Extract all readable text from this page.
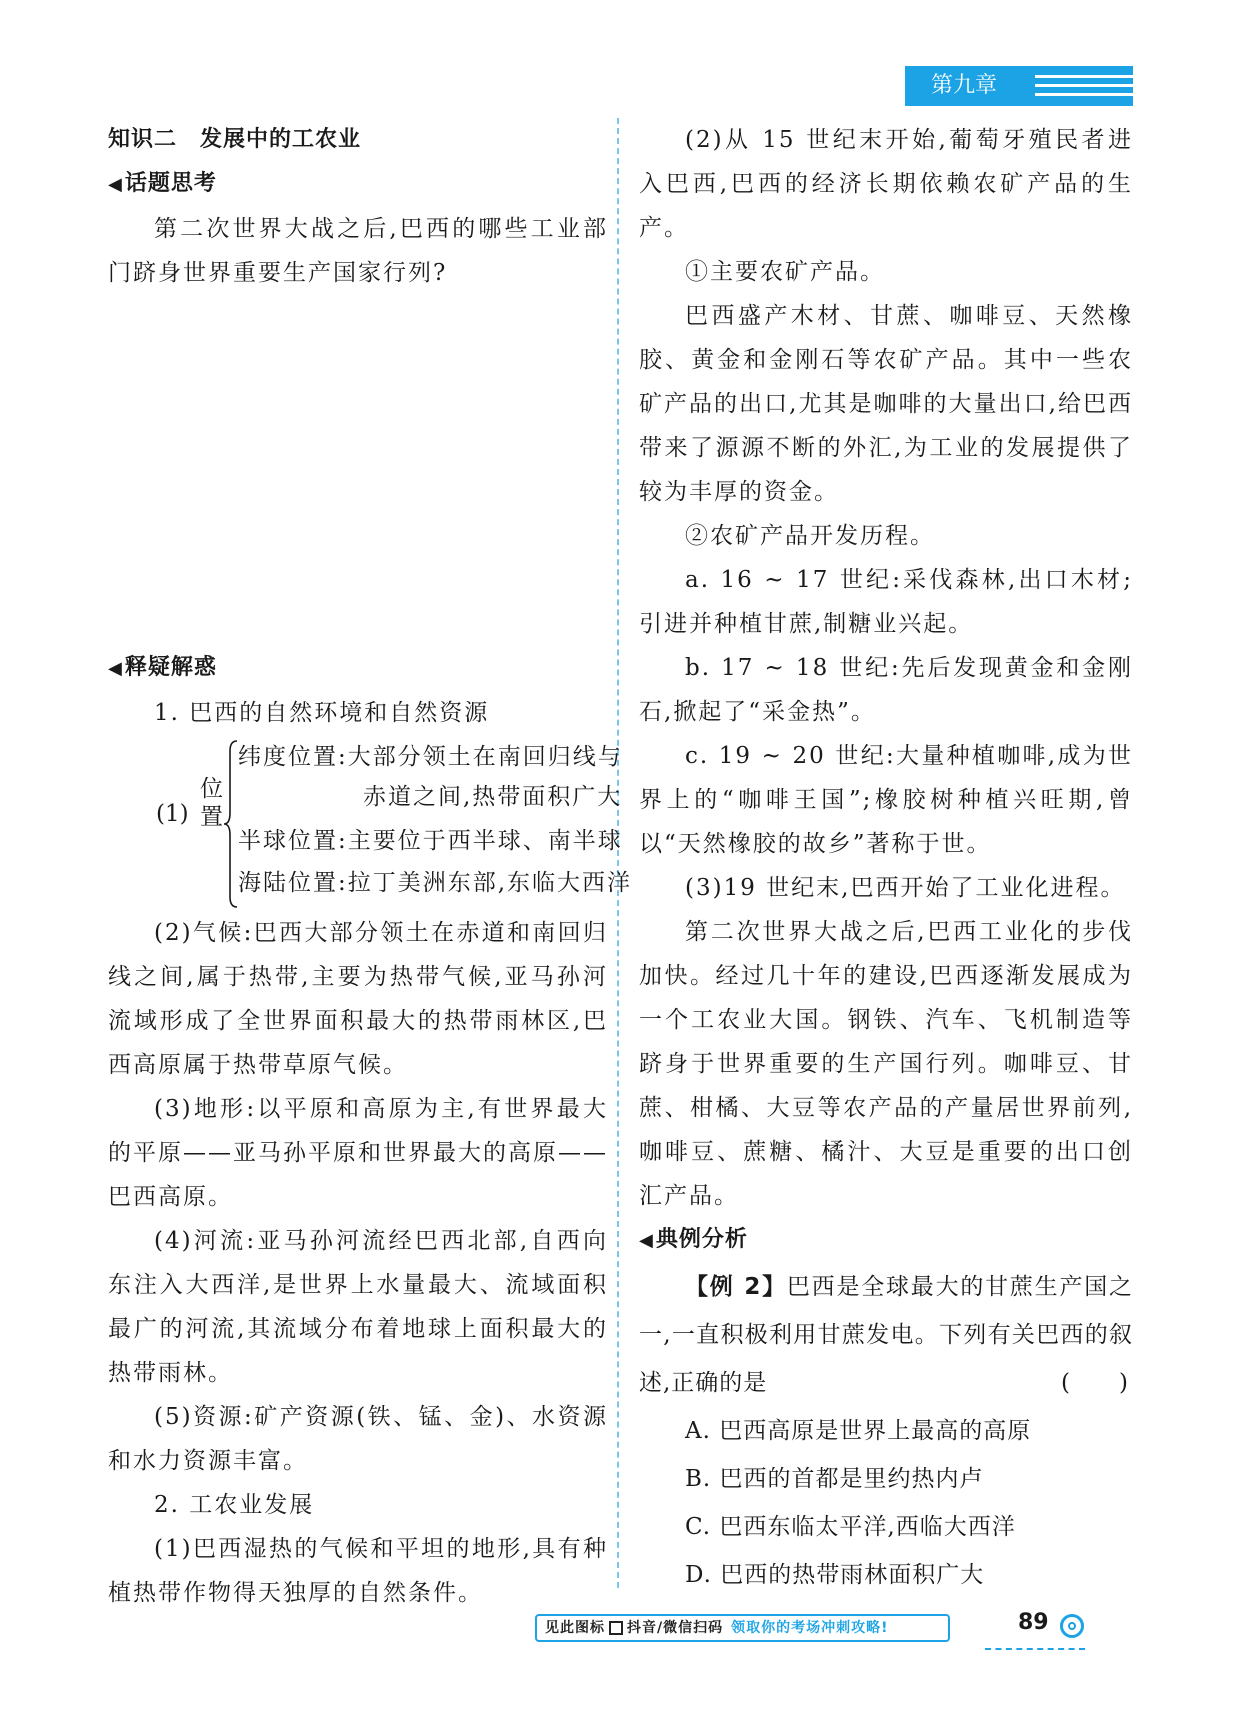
第九章

知识二　发展中的工农业

◀话题思考

第二次世界大战之后,巴西的哪些工业部门跻身世界重要生产国家行列?

◀释疑解惑

1. 巴西的自然环境和自然资源

(1)
位置
纬度位置:大部分领土在南回归线与
　　　　　赤道之间,热带面积广大
半球位置:主要位于西半球、南半球
海陆位置:拉丁美洲东部,东临大西洋

(2)气候:巴西大部分领土在赤道和南回归线之间,属于热带,主要为热带气候,亚马孙河流域形成了全世界面积最大的热带雨林区,巴西高原属于热带草原气候。

(3)地形:以平原和高原为主,有世界最大的平原——亚马孙平原和世界最大的高原——巴西高原。

(4)河流:亚马孙河流经巴西北部,自西向东注入大西洋,是世界上水量最大、流域面积最广的河流,其流域分布着地球上面积最大的热带雨林。

(5)资源:矿产资源(铁、锰、金)、水资源和水力资源丰富。

2. 工农业发展

(1)巴西湿热的气候和平坦的地形,具有种植热带作物得天独厚的自然条件。

(2)从 15 世纪末开始,葡萄牙殖民者进入巴西,巴西的经济长期依赖农矿产品的生产。

①主要农矿产品。

巴西盛产木材、甘蔗、咖啡豆、天然橡胶、黄金和金刚石等农矿产品。其中一些农矿产品的出口,尤其是咖啡的大量出口,给巴西带来了源源不断的外汇,为工业的发展提供了较为丰厚的资金。

②农矿产品开发历程。

a. 16 ~ 17 世纪:采伐森林,出口木材;引进并种植甘蔗,制糖业兴起。

b. 17 ~ 18 世纪:先后发现黄金和金刚石,掀起了“采金热”。

c. 19 ~ 20 世纪:大量种植咖啡,成为世界上的“咖啡王国”;橡胶树种植兴旺期,曾以“天然橡胶的故乡”著称于世。

(3)19 世纪末,巴西开始了工业化进程。

第二次世界大战之后,巴西工业化的步伐加快。经过几十年的建设,巴西逐渐发展成为一个工农业大国。钢铁、汽车、飞机制造等跻身于世界重要的生产国行列。咖啡豆、甘蔗、柑橘、大豆等农产品的产量居世界前列,咖啡豆、蔗糖、橘汁、大豆是重要的出口创汇产品。

◀典例分析

【例 2】巴西是全球最大的甘蔗生产国之一,一直积极利用甘蔗发电。下列有关巴西的叙述,正确的是	(　　)

A. 巴西高原是世界上最高的高原

B. 巴西的首都是里约热内卢

C. 巴西东临太平洋,西临大西洋

D. 巴西的热带雨林面积广大

见此图标 抖音/微信扫码 领取你的考场冲刺攻略!	89
